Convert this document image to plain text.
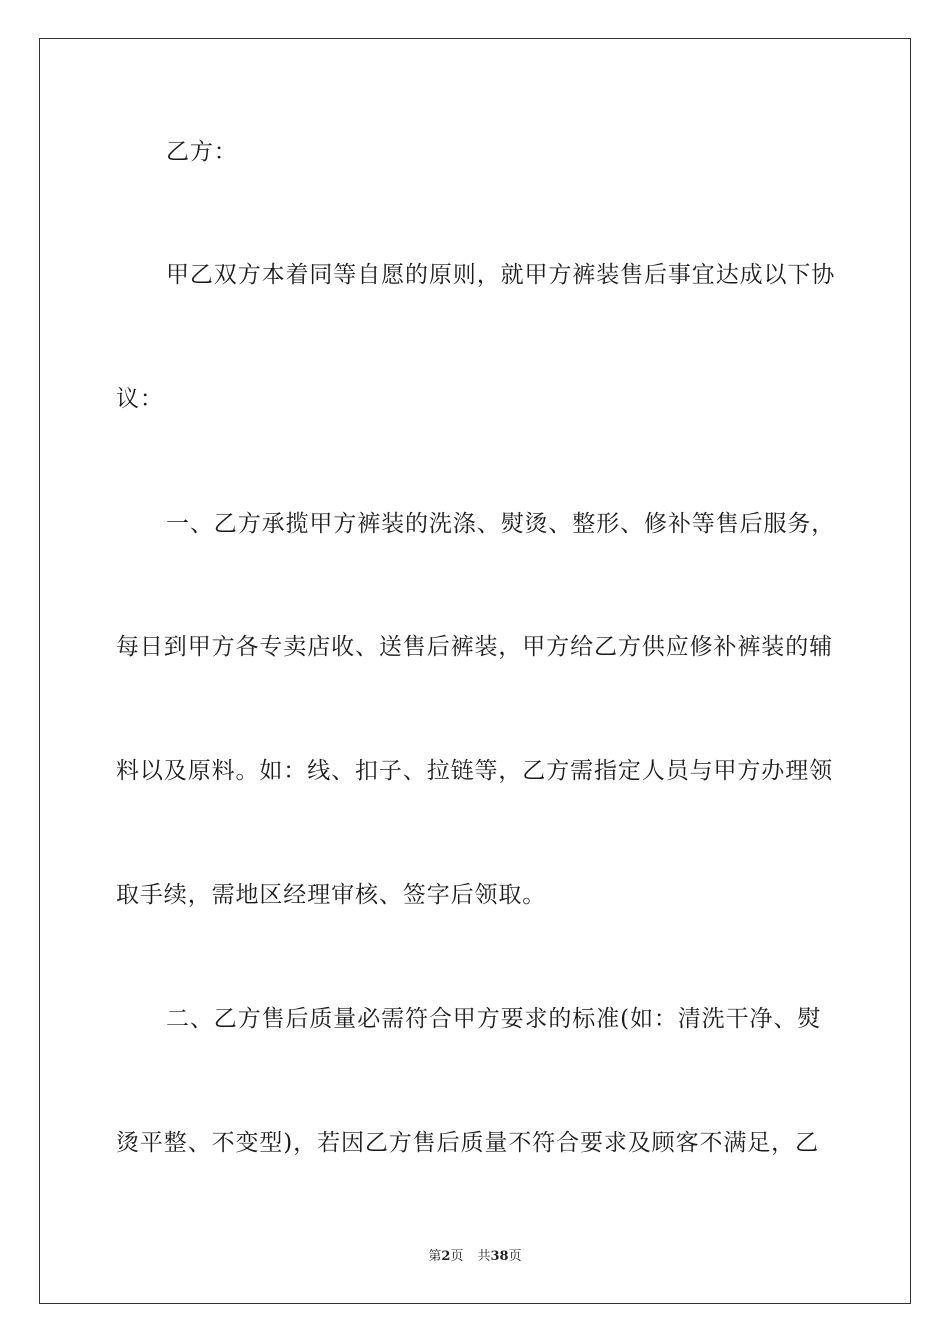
乙方：
甲乙双方本着同等自愿的原则，就甲方裤装售后事宜达成以下协
议：
一、乙方承揽甲方裤装的洗涤、熨烫、整形、修补等售后服务，
每日到甲方各专卖店收、送售后裤装，甲方给乙方供应修补裤装的辅
料以及原料。如：线、扣子、拉链等，乙方需指定人员与甲方办理领
取手续，需地区经理审核、签字后领取。
二、乙方售后质量必需符合甲方要求的标准(如：清洗干净、熨
烫平整、不变型)，若因乙方售后质量不符合要求及顾客不满足，乙
第2页 共38页
